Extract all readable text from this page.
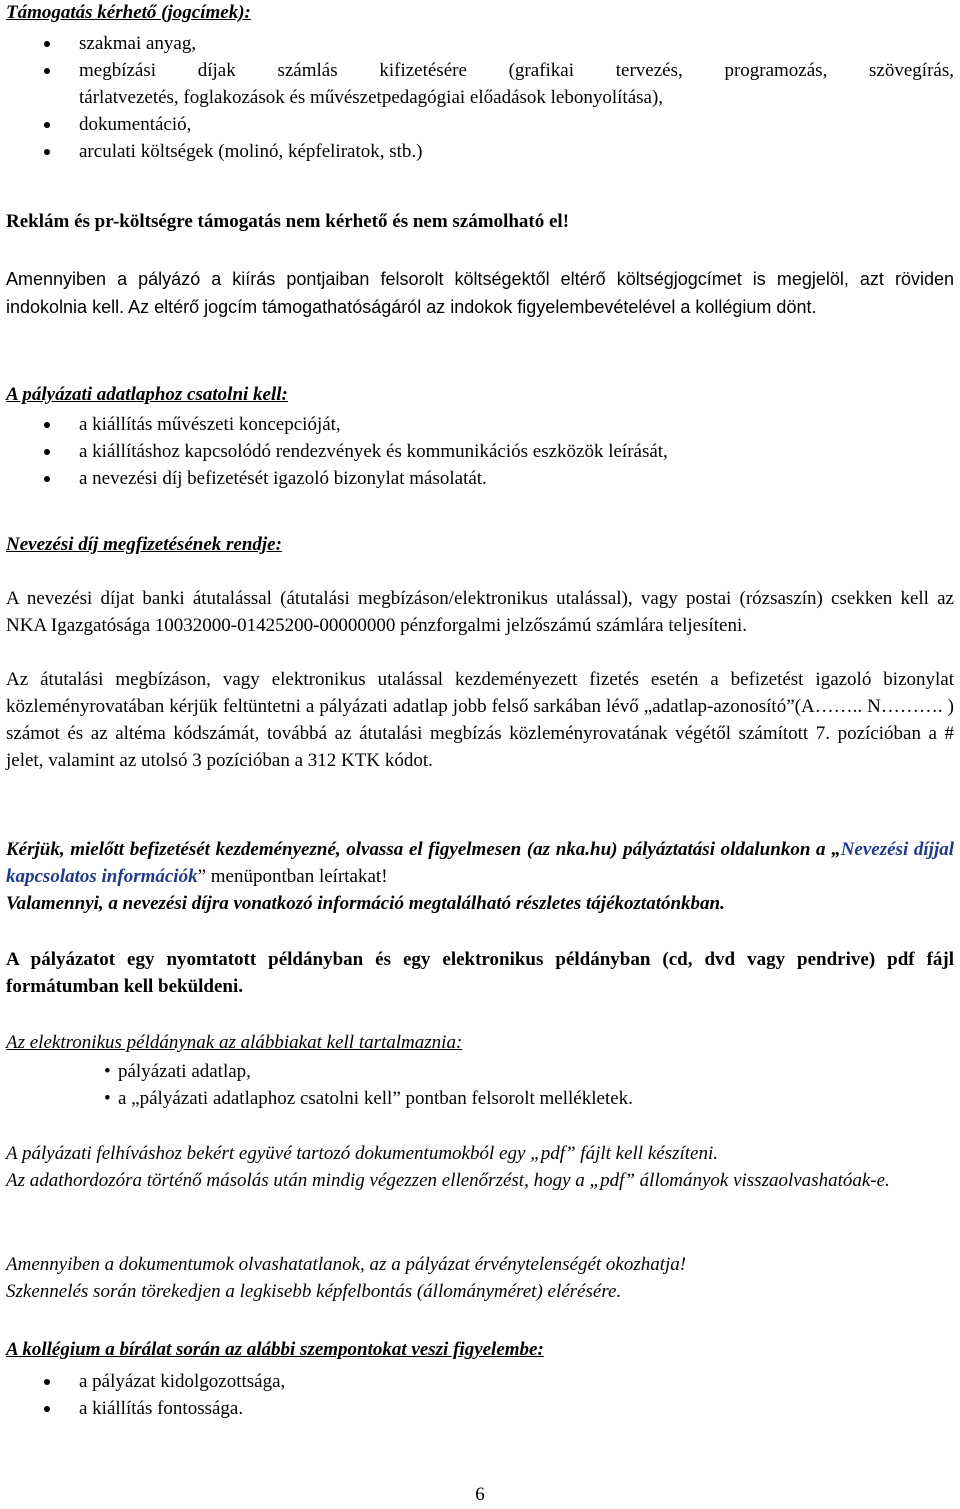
Támogatás kérhető (jogcímek):

szakmai anyag,
megbízási díjak számlás kifizetésére (grafikai tervezés, programozás, szövegírás,
tárlatvezetés, foglakozások és művészetpedagógiai előadások lebonyolítása),
dokumentáció,
arculati költségek (molinó, képfeliratok, stb.)

Reklám és pr-költségre támogatás nem kérhető és nem számolható el!

Amennyiben a pályázó a kiírás pontjaiban felsorolt költségektől eltérő költségjogcímet is megjelöl, azt röviden indokolnia kell. Az eltérő jogcím támogathatóságáról az indokok figyelembevételével a kollégium dönt.

A pályázati adatlaphoz csatolni kell:

a kiállítás művészeti koncepcióját,
a kiállításhoz kapcsolódó rendezvények és kommunikációs eszközök leírását,
a nevezési díj befizetését igazoló bizonylat másolatát.

Nevezési díj megfizetésének rendje:

A nevezési díjat banki átutalással (átutalási megbízáson/elektronikus utalással), vagy postai (rózsaszín) csekken kell az NKA Igazgatósága 10032000-01425200-00000000 pénzforgalmi jelzőszámú számlára teljesíteni.

Az átutalási megbízáson, vagy elektronikus utalással kezdeményezett fizetés esetén a befizetést igazoló bizonylat közleményrovatában kérjük feltüntetni a pályázati adatlap jobb felső sarkában lévő „adatlap-azonosító”(A…….. N………. ) számot és az altéma kódszámát, továbbá az átutalási megbízás közleményrovatának végétől számított 7. pozícióban a # jelet, valamint az utolsó 3 pozícióban a 312 KTK kódot.

Kérjük, mielőtt befizetését kezdeményezné, olvassa el figyelmesen (az nka.hu) pályáztatási oldalunkon a „Nevezési díjjal kapcsolatos információk” menüpontban leírtakat!

Valamennyi, a nevezési díjra vonatkozó információ megtalálható részletes tájékoztatónkban.

A pályázatot egy nyomtatott példányban és egy elektronikus példányban (cd, dvd vagy pendrive) pdf fájl formátumban kell beküldeni.

Az elektronikus példánynak az alábbiakat kell tartalmaznia:

• pályázati adatlap,
• a „pályázati adatlaphoz csatolni kell” pontban felsorolt mellékletek.

A pályázati felhíváshoz bekért együvé tartozó dokumentumokból egy „pdf” fájlt kell készíteni.

Az adathordozóra történő másolás után mindig végezzen ellenőrzést, hogy a „pdf” állományok visszaolvashatóak-e.

Amennyiben a dokumentumok olvashatatlanok, az a pályázat érvénytelenségét okozhatja!

Szkennelés során törekedjen a legkisebb képfelbontás (állományméret) elérésére.

A kollégium a bírálat során az alábbi szempontokat veszi figyelembe:

a pályázat kidolgozottsága,
a kiállítás fontossága.
6
